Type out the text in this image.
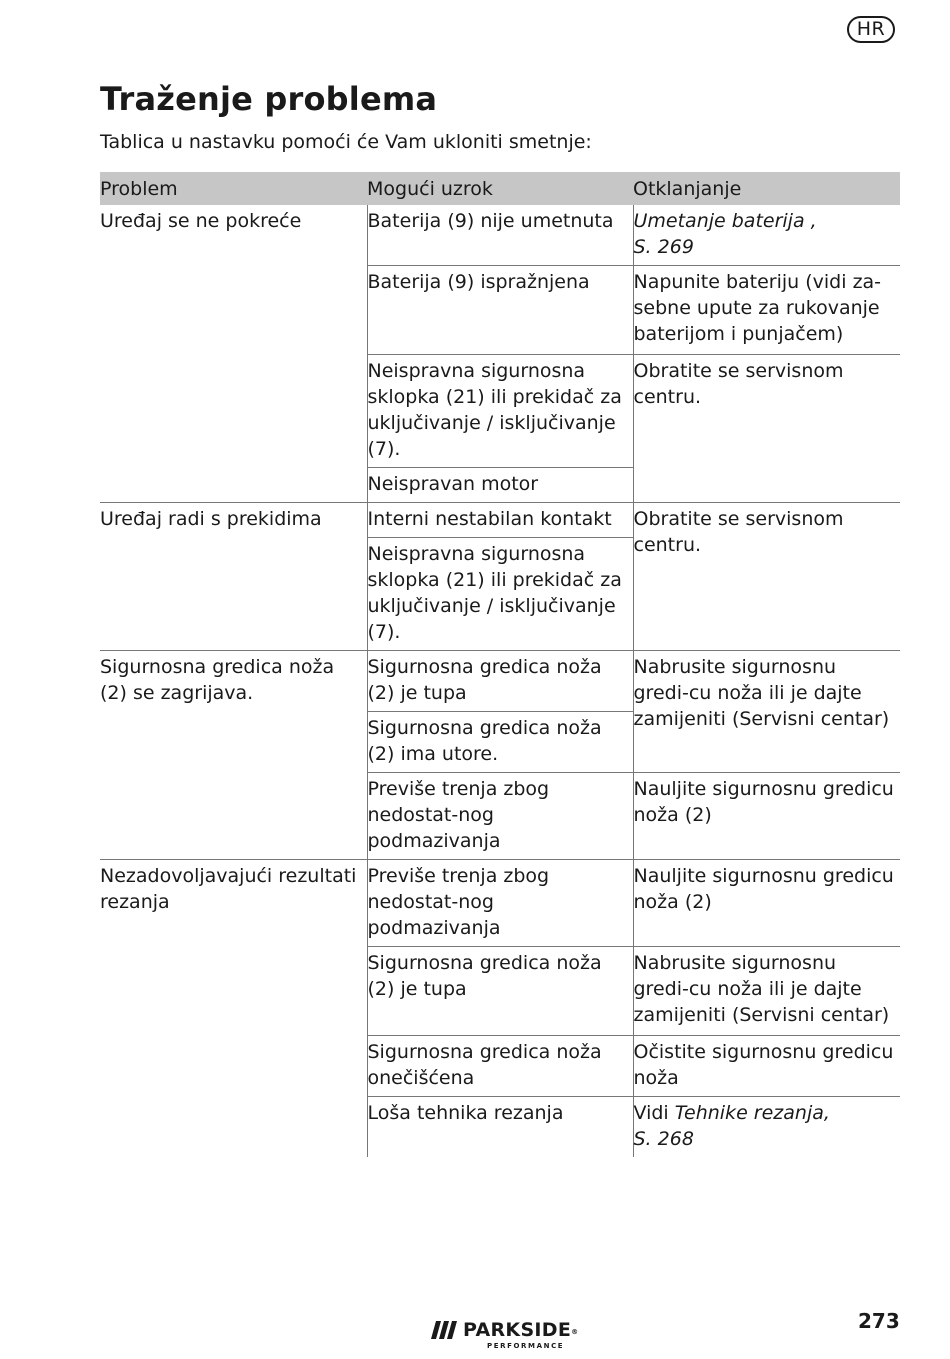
HR
Traženje problema

Tablica u nastavku pomoći će Vam ukloniti smetnje:

Problem	Mogući uzrok	Otklanjanje
Uređaj se ne pokreće	Baterija (9) nije umetnuta	Umetanje baterija ,
S. 269
	Baterija (9) ispražnjena	Napunite bateriju (vidi za-sebne upute za rukovanje baterijom i punjačem)
	Neispravna sigurnosna sklopka (21) ili prekidač za uključivanje / isključivanje (7).	Obratite se servisnom centru.
	Neispravan motor	
Uređaj radi s prekidima	Interni nestabilan kontakt	Obratite se servisnom centru.
	Neispravna sigurnosna sklopka (21) ili prekidač za uključivanje / isključivanje (7).	
Sigurnosna gredica noža (2) se zagrijava.	Sigurnosna gredica noža (2) je tupa	Nabrusite sigurnosnu gredi-cu noža ili je dajte zamijeniti (Servisni centar)
	Sigurnosna gredica noža (2) ima utore.	
	Previše trenja zbog nedostat-nog podmazivanja	Nauljite sigurnosnu gredicu noža (2)
Nezadovoljavajući rezultati rezanja	Previše trenja zbog nedostat-nog podmazivanja	Nauljite sigurnosnu gredicu noža (2)
	Sigurnosna gredica noža (2) je tupa	Nabrusite sigurnosnu gredi-cu noža ili je dajte zamijeniti (Servisni centar)
	Sigurnosna gredica noža onečišćena	Očistite sigurnosnu gredicu noža
	Loša tehnika rezanja	Vidi Tehnike rezanja,
S. 268
PARKSIDE®
PERFORMANCE
273
